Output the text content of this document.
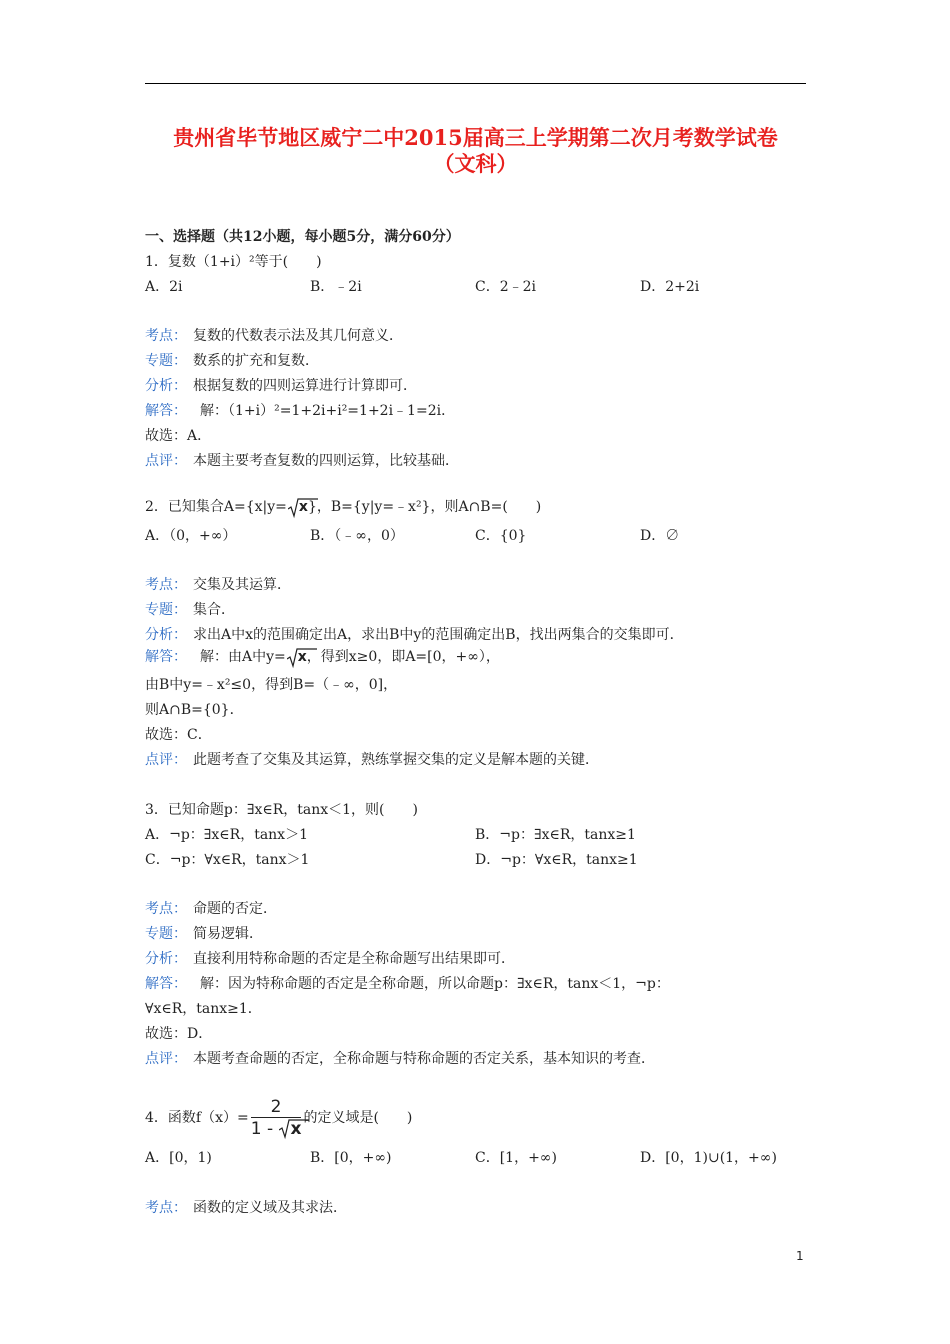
贵州省毕节地区威宁二中2015届高三上学期第二次月考数学试卷
（文科）
一、选择题（共12小题，每小题5分，满分60分）
1．复数（1+i）²等于(　　)
A．2i	B．﹣2i	C．2﹣2i	D．2+2i
考点： 复数的代数表示法及其几何意义．
专题： 数系的扩充和复数．
分析： 根据复数的四则运算进行计算即可．
解答：　解：（1+i）²=1+2i+i²=1+2i﹣1=2i．
故选：A．
点评： 本题主要考查复数的四则运算，比较基础．
2．已知集合A={x|y= x}，B={y|y=﹣x²}，则A∩B=(　　)
A．（0，+∞）	B．（﹣∞，0）	C．{0}	D．∅
考点： 交集及其运算．
专题： 集合．
分析： 求出A中x的范围确定出A，求出B中y的范围确定出B，找出两集合的交集即可．
解答：　解：由A中y= x，得到x≥0，即A=[0，+∞），
由B中y=﹣x²≤0，得到B=（﹣∞，0]，
则A∩B={0}．
故选：C．
点评： 此题考查了交集及其运算，熟练掌握交集的定义是解本题的关键．
3．已知命题p：∃x∈R，tanx＜1，则(　　)
A．¬p：∃x∈R，tanx＞1	B．¬p：∃x∈R，tanx≥1
C．¬p：∀x∈R，tanx＞1	D．¬p：∀x∈R，tanx≥1
考点： 命题的否定．
专题： 简易逻辑．
分析： 直接利用特称命题的否定是全称命题写出结果即可．
解答：　解：因为特称命题的否定是全称命题，所以命题p：∃x∈R，tanx＜1，¬p：
∀x∈R，tanx≥1．
故选：D．
点评： 本题考查命题的否定，全称命题与特称命题的否定关系，基本知识的考查．
4．函数f（x）= 2
1 -
x 的定义域是(　　)
A．[0，1)	B．[0，+∞)	C．[1，+∞)	D．[0，1)∪(1，+∞)
考点： 函数的定义域及其求法．
1
